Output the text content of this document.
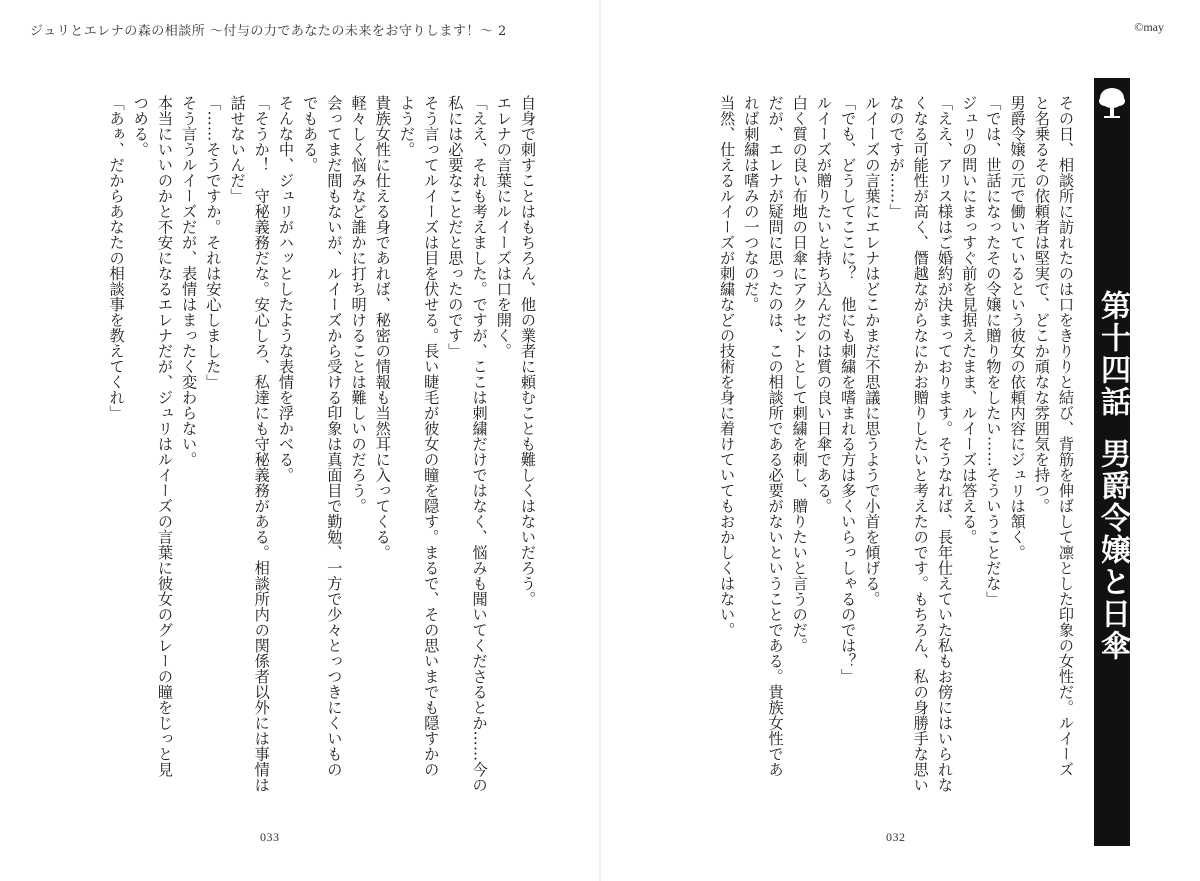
ジュリとエレナの森の相談所 〜付与の力であなたの未来をお守りします！〜 2	©may
自身で刺すことはもちろん、他の業者に頼むことも難しくはないだろう。
エレナの言葉にルイーズは口を開く。
「ええ、それも考えました。ですが、ここは刺繍だけではなく、悩みも聞いてくださるとか……今の
私には必要なことだと思ったのです」
そう言ってルイーズは目を伏せる。長い睫毛が彼女の瞳を隠す。まるで、その思いまでも隠すかの
ようだ。
貴族女性に仕える身であれば、秘密の情報も当然耳に入ってくる。
軽々しく悩みなど誰かに打ち明けることは難しいのだろう。
会ってまだ間もないが、ルイーズから受ける印象は真面目で勤勉、一方で少々とっつきにくいもの
でもある。
そんな中、ジュリがハッとしたような表情を浮かべる。
「そうか！　守秘義務だな。安心しろ、私達にも守秘義務がある。相談所内の関係者以外には事情は
話せないんだ」
「……そうですか。それは安心しました」
そう言うルイーズだが、表情はまったく変わらない。
本当にいいのかと不安になるエレナだが、ジュリはルイーズの言葉に彼女のグレーの瞳をじっと見
つめる。
「あぁ、だからあなたの相談事を教えてくれ」
033
その日、相談所に訪れたのは口をきりりと結び、背筋を伸ばして凛とした印象の女性だ。ルイーズ
と名乗るその依頼者は堅実で、どこか頑なな雰囲気を持つ。
男爵令嬢の元で働いているという彼女の依頼内容にジュリは頷く。
「では、世話になったその令嬢に贈り物をしたい……そういうことだな」
ジュリの問いにまっすぐ前を見据えたまま、ルイーズは答える。
「ええ、アリス様はご婚約が決まっております。そうなれば、長年仕えていた私もお傍にはいられな
くなる可能性が高く、僭越ながらなにかお贈りしたいと考えたのです。もちろん、私の身勝手な思い
なのですが……」
ルイーズの言葉にエレナはどこかまだ不思議に思うようで小首を傾げる。
「でも、どうしてここに？　他にも刺繍を嗜まれる方は多くいらっしゃるのでは？」
ルイーズが贈りたいと持ち込んだのは質の良い日傘である。
白く質の良い布地の日傘にアクセントとして刺繍を刺し、贈りたいと言うのだ。
だが、エレナが疑問に思ったのは、この相談所である必要がないということである。貴族女性であ
れば刺繍は嗜みの一つなのだ。
当然、仕えるルイーズが刺繍などの技術を身に着けていてもおかしくはない。
032
第十四話男爵令嬢と日傘
